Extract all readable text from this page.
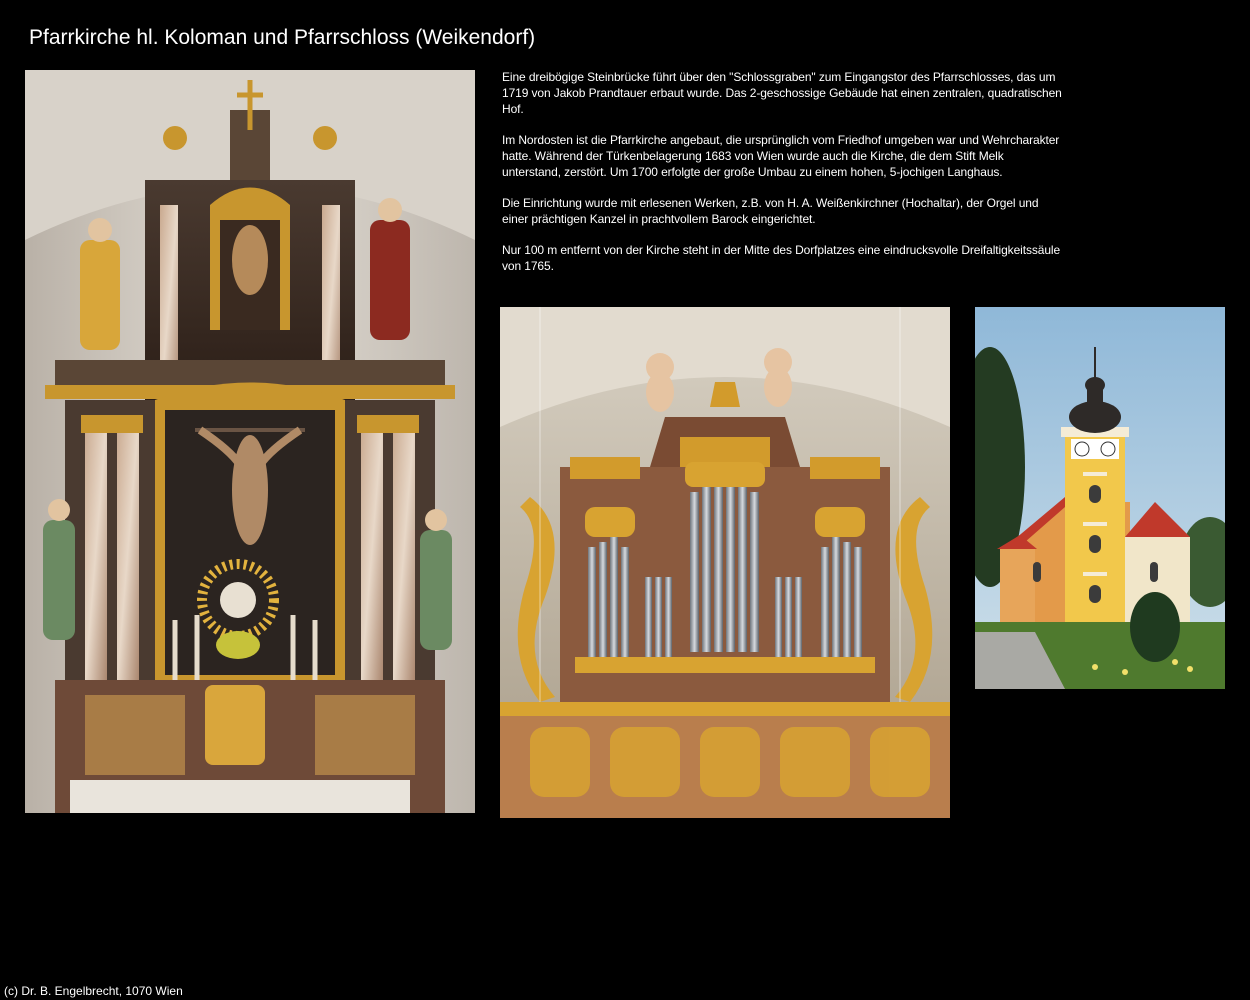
Pfarrkirche hl. Koloman und Pfarrschloss (Weikendorf)

Eine dreibögige Steinbrücke führt über den "Schlossgraben" zum Eingangstor des Pfarrschlosses, das um 1719 von Jakob Prandtauer erbaut wurde. Das 2-geschossige Gebäude hat einen zentralen, quadratischen Hof.

Im Nordosten ist die Pfarrkirche angebaut, die ursprünglich vom Friedhof umgeben war und Wehrcharakter hatte. Während der Türkenbelagerung 1683 von Wien wurde auch die Kirche, die dem Stift Melk unterstand, zerstört. Um 1700 erfolgte der große Umbau zu einem hohen, 5-jochigen Langhaus.

Die Einrichtung wurde mit erlesenen Werken, z.B. von H. A. Weißenkirchner (Hochaltar), der Orgel und einer prächtigen Kanzel in prachtvollem Barock eingerichtet.

Nur 100 m entfernt von der Kirche steht in der Mitte des Dorfplatzes eine eindrucksvolle Dreifaltigkeitssäule von 1765.

(c) Dr. B. Engelbrecht, 1070 Wien
